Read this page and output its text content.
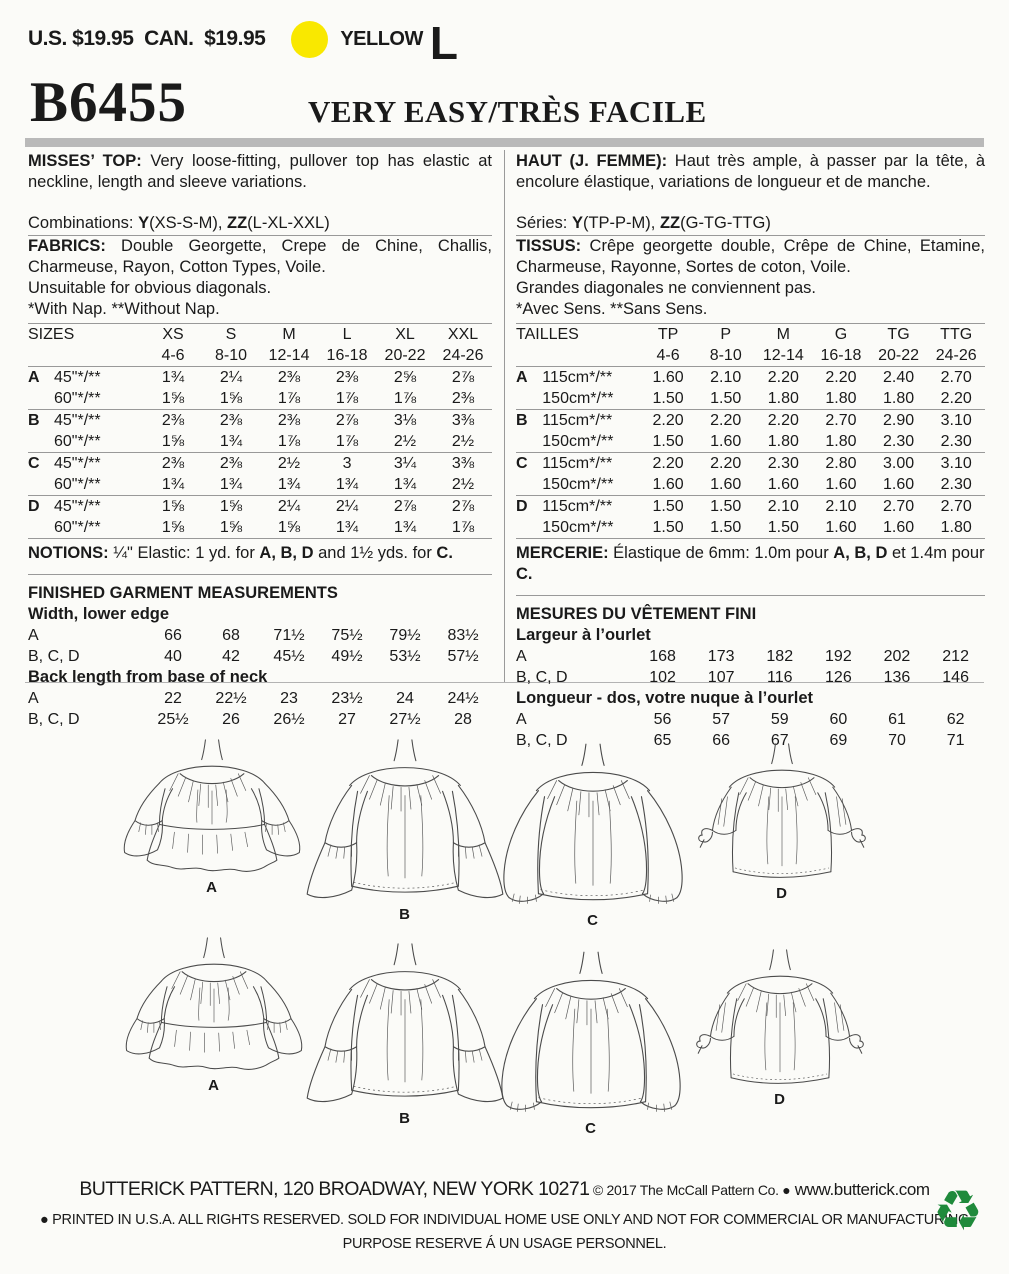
U.S. $19.95
CAN.  $19.95	YELLOW L
B6455	VERY EASY/TRÈS FACILE

MISSES’ TOP: Very loose-fitting, pullover top has elastic at neckline, length and sleeve variations.

Combinations: Y(XS-S-M), ZZ(L-XL-XXL)

FABRICS: Double Georgette, Crepe de Chine, Challis, Charmeuse, Rayon, Cotton Types, Voile.

Unsuitable for obvious diagonals.

*With Nap. **Without Nap.

SIZES		XS	S	M	L	XL	XXL
		4-6	8-10	12-14	16-18	20-22	24-26
A	45"*/**	1¾	2¼	2⅜	2⅜	2⅝	2⅞
	60"*/**	1⅝	1⅝	1⅞	1⅞	1⅞	2⅜
B	45"*/**	2⅜	2⅜	2⅜	2⅞	3⅛	3⅜
	60"*/**	1⅝	1¾	1⅞	1⅞	2½	2½
C	45"*/**	2⅜	2⅜	2½	3	3¼	3⅜
	60"*/**	1¾	1¾	1¾	1¾	1¾	2½
D	45"*/**	1⅝	1⅝	2¼	2¼	2⅞	2⅞
	60"*/**	1⅝	1⅝	1⅝	1¾	1¾	1⅞

NOTIONS: ¼" Elastic: 1 yd. for A, B, D and 1½ yds. for C.

FINISHED GARMENT MEASUREMENTS

Width, lower edge						
A	66	68	71½	75½	79½	83½
B, C, D	40	42	45½	49½	53½	57½
Back length from base of neck						
A	22	22½	23	23½	24	24½
B, C, D	25½	26	26½	27	27½	28

HAUT (J. FEMME): Haut très ample, à passer par la tête, à encolure élastique, variations de longueur et de manche.

Séries: Y(TP-P-M), ZZ(G-TG-TTG)

TISSUS: Crêpe georgette double, Crêpe de Chine, Etamine, Charmeuse, Rayonne, Sortes de coton, Voile.

Grandes diagonales ne conviennent pas.

*Avec Sens. **Sans Sens.

TAILLES		TP	P	M	G	TG	TTG
		4-6	8-10	12-14	16-18	20-22	24-26
A	115cm*/**	1.60	2.10	2.20	2.20	2.40	2.70
	150cm*/**	1.50	1.50	1.80	1.80	1.80	2.20
B	115cm*/**	2.20	2.20	2.20	2.70	2.90	3.10
	150cm*/**	1.50	1.60	1.80	1.80	2.30	2.30
C	115cm*/**	2.20	2.20	2.30	2.80	3.00	3.10
	150cm*/**	1.60	1.60	1.60	1.60	1.60	2.30
D	115cm*/**	1.50	1.50	2.10	2.10	2.70	2.70
	150cm*/**	1.50	1.50	1.50	1.60	1.60	1.80

MERCERIE: Élastique de 6mm: 1.0m pour A, B, D et 1.4m pour C.

MESURES DU VÊTEMENT FINI

Largeur à l’ourlet						
A	168	173	182	192	202	212
B, C, D	102	107	116	126	136	146
Longueur - dos, votre nuque à l’ourlet						
A	56	57	59	60	61	62
B, C, D	65	66	67	69	70	71
A
B	C
D
A
B
C
D
BUTTERICK PATTERN, 120 BROADWAY, NEW YORK 10271 © 2017 The McCall Pattern Co. ● www.butterick.com
● PRINTED IN U.S.A. ALL RIGHTS RESERVED. SOLD FOR INDIVIDUAL HOME USE ONLY AND NOT FOR COMMERCIAL OR MANUFACTURING
PURPOSE RESERVE Á UN USAGE PERSONNEL.	♻
